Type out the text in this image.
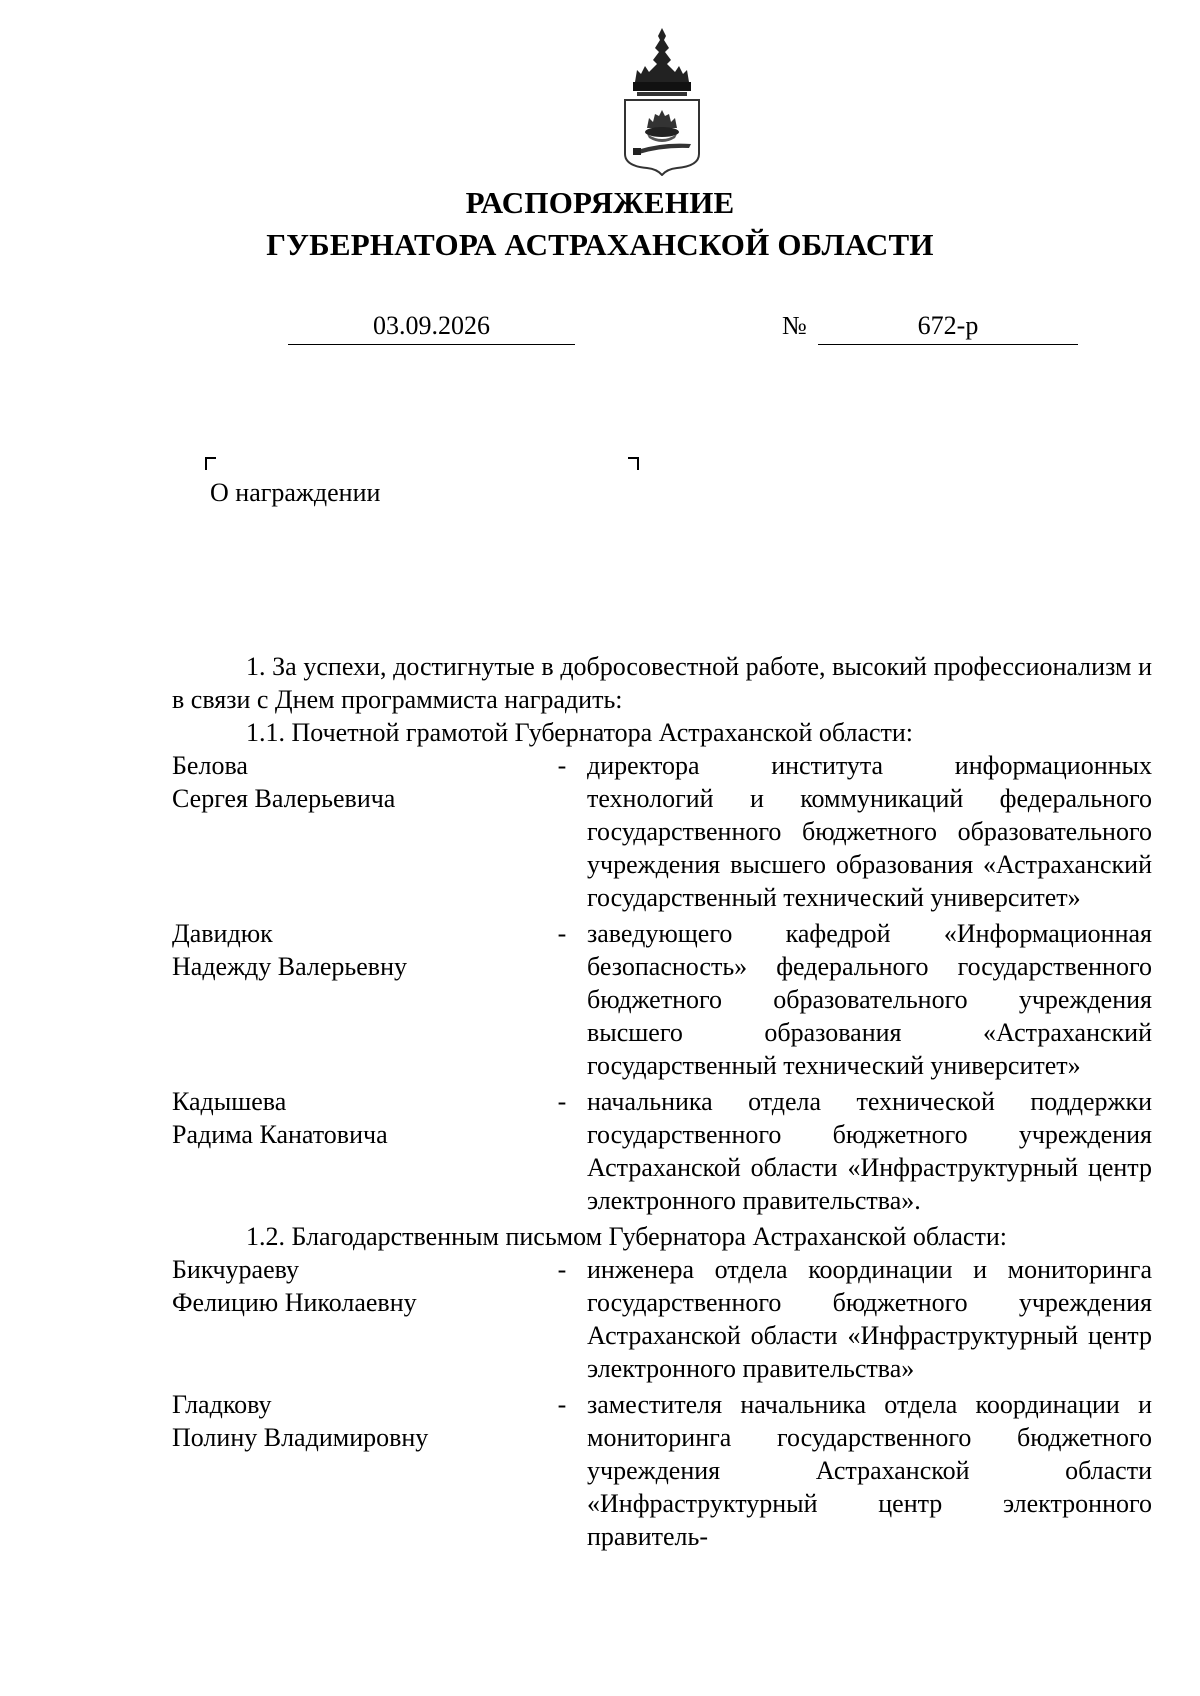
РАСПОРЯЖЕНИЕ
ГУБЕРНАТОРА АСТРАХАНСКОЙ ОБЛАСТИ
03.09.2026	№	672-р
О награждении

1. За успехи, достигнутые в добросовестной работе, высокий профессионализм и в связи с Днем программиста наградить:

1.1. Почетной грамотой Губернатора Астраханской области:

Белова
Сергея Валерьевича
- директора института информационных технологий и коммуникаций федерального государственного бюджетного образовательного учреждения высшего образования «Астраханский государственный технический университет»
Давидюк
Надежду Валерьевну
- заведующего кафедрой «Информационная безопасность» федерального государственного бюджетного образовательного учреждения высшего образования «Астраханский государственный технический университет»
Кадышева
Радима Канатовича
- начальника отдела технической поддержки государственного бюджетного учреждения Астраханской области «Инфраструктурный центр электронного правительства».

1.2. Благодарственным письмом Губернатора Астраханской области:

Бикчураеву
Фелицию Николаевну
- инженера отдела координации и мониторинга государственного бюджетного учреждения Астраханской области «Инфраструктурный центр электронного правительства»
Гладкову
Полину Владимировну
- заместителя начальника отдела координации и мониторинга государственного бюджетного учреждения Астраханской области «Инфраструктурный центр электронного правитель-
